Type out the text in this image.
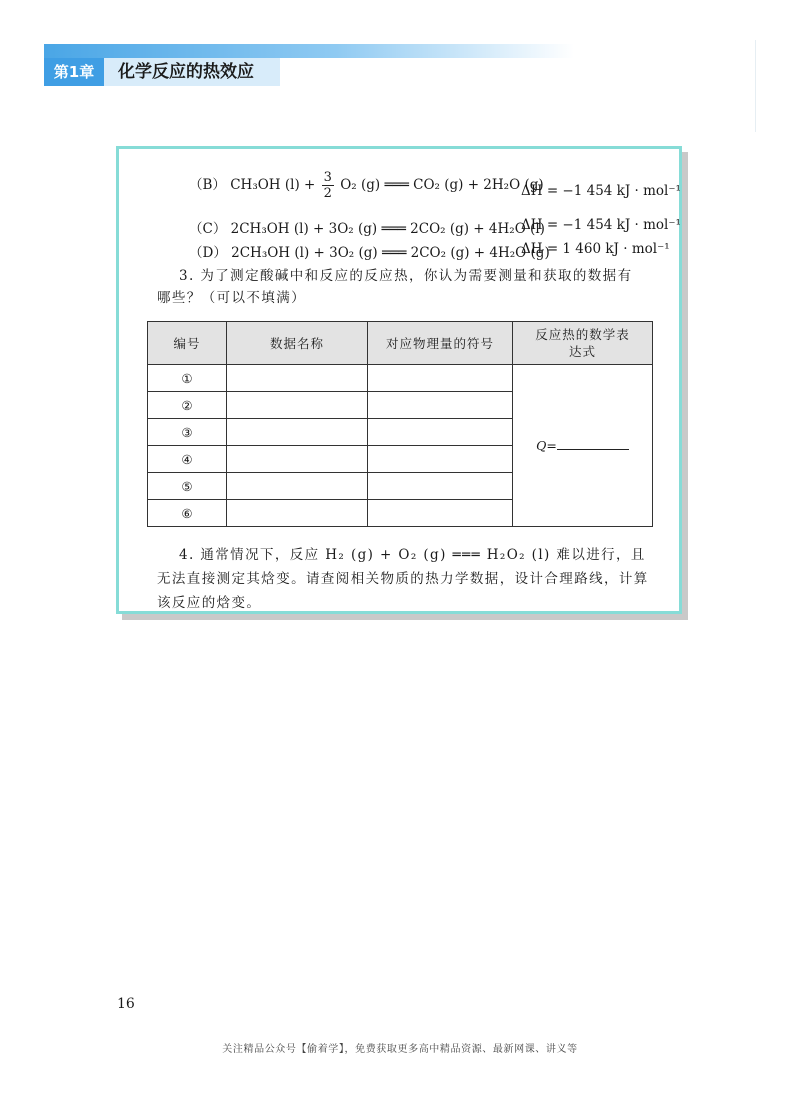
第1章	化学反应的热效应
（B） CH₃OH $(l) + \frac{3}{2} O_2$ (g) ═══ CO₂ (g) + 2H₂O (g)
ΔH = −1 454 kJ · mol⁻¹
（C） 2CH₃OH (l) + 3O₂ (g) ═══ 2CO₂ (g) + 4H₂O (l)
ΔH = −1 454 kJ · mol⁻¹
（D） 2CH₃OH (l) + 3O₂ (g) ═══ 2CO₂ (g) + 4H₂O (g)
ΔH = 1 460 kJ · mol⁻¹
3. 为了测定酸碱中和反应的反应热，你认为需要测量和获取的数据有哪些？（可以不填满）
编号	数据名称	对应物理量的符号	反应热的数学表达式

①			Q=
②			
③			
④			
⑤			
⑥			
4. 通常情况下，反应 H₂ (g) + O₂ (g) ═══ H₂O₂ (l) 难以进行，且无法直接测定其焓变。请查阅相关物质的热力学数据，设计合理路线，计算该反应的焓变。
16
关注精品公众号【偷着学】，免费获取更多高中精品资源、最新网课、讲义等
